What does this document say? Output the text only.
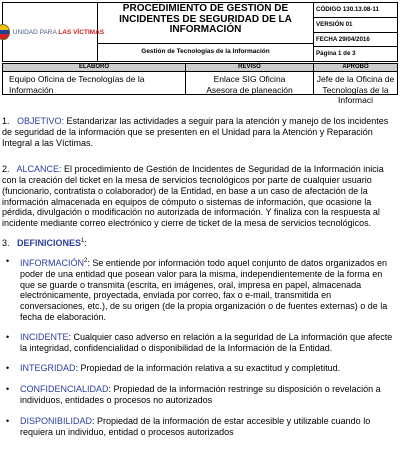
UNIDAD PARA LAS VÍCTIMAS
PROCEDIMIENTO DE GESTIÓN DE INCIDENTES DE SEGURIDAD DE LA INFORMACIÓN
Gestión de Tecnologías de la Información
CÓDIGO 130.13.08-11
VERSIÓN 01
FECHA 29/04/2016
Página 1 de 3
ELABORÓ	REVISÓ	APROBÓ
Equipo Oficina de Tecnologías de la
Información
Enlace SIG Oficina
Asesora de planeación
Jefe de la Oficina de
Tecnologías de la Informaci
1.   OBJETIVO: Estandarizar las actividades a seguir para la atención y manejo de los incidentes
de seguridad de la información que se presenten en el Unidad para la Atención y Reparación
Integral a las Víctimas.
2.   ALCANCE: El procedimiento de Gestión de Incidentes de Seguridad de la Información inicia
con la creación del ticket en la mesa de servicios tecnológicos por parte de cualquier usuario
(funcionario, contratista o colaborador) de la Entidad, en base a un caso de afectación de la
información almacenada en equipos de cómputo o sistemas de información, que ocasione la
pérdida, divulgación o modificación no autorizada de información. Y finaliza con la respuesta al
incidente mediante correo electrónico y cierre de ticket de la mesa de servicios tecnológicos.
3.   DEFINICIONES$^1$:
• INFORMACIÓN$^2$: Se entiende por información todo aquel conjunto de datos organizados en
poder de una entidad que posean valor para la misma, independientemente de la forma en
que se guarde o transmita (escrita, en imágenes, oral, impresa en papel, almacenada
electrónicamente, proyectada, enviada por correo, fax o e-mail, transmitida en
conversaciones, etc.), de su origen (de la propia organización o de fuentes externas) o de la
fecha de elaboración.
• INCIDENTE: Cualquier caso adverso en relación a la seguridad de La información que afecte
la integridad, confidencialidad o disponibilidad de la Información de la Entidad.
• INTEGRIDAD: Propiedad de la información relativa a su exactitud y completitud.
• CONFIDENCIALIDAD: Propiedad de la información restringe su disposición o revelación a
individuos, entidades o procesos no autorizados
• DISPONIBILIDAD: Propiedad de la información de estar accesible y utilizable cuando lo
requiera un individuo, entidad o procesos autorizados
